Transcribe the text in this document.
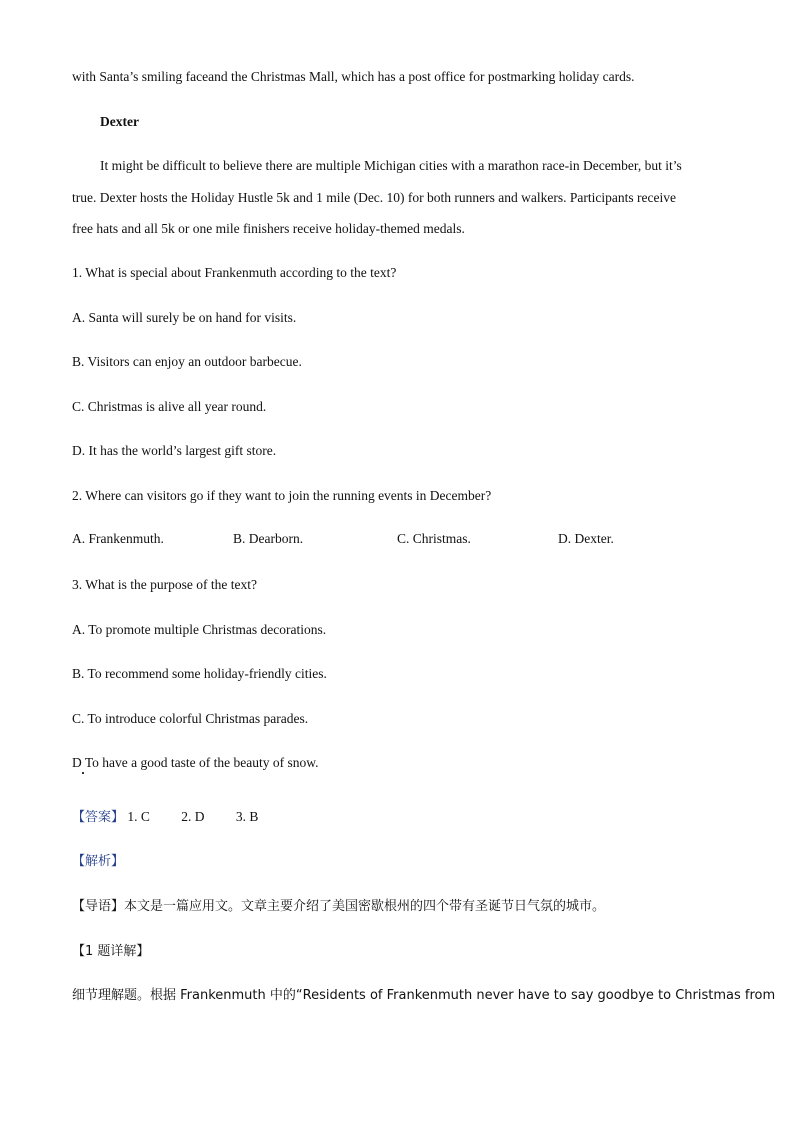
with Santa’s smiling faceand the Christmas Mall, which has a post office for postmarking holiday cards.
Dexter
It might be difficult to believe there are multiple Michigan cities with a marathon race-in December, but it’s
true. Dexter hosts the Holiday Hustle 5k and 1 mile (Dec. 10) for both runners and walkers. Participants receive
free hats and all 5k or one mile finishers receive holiday-themed medals.
1. What is special about Frankenmuth according to the text?
A. Santa will surely be on hand for visits.
B. Visitors can enjoy an outdoor barbecue.
C. Christmas is alive all year round.
D. It has the world’s largest gift store.
2. Where can visitors go if they want to join the running events in December?
A. Frankenmuth.	B. Dearborn.	C. Christmas.	D. Dexter.
3. What is the purpose of the text?
A. To promote multiple Christmas decorations.
B. To recommend some holiday-friendly cities.
C. To introduce colorful Christmas parades.
D To have a good taste of the beauty of snow.
【答案】 1. C 2. D 3. B
【解析】
【导语】本文是一篇应用文。文章主要介绍了美国密歇根州的四个带有圣诞节日气氛的城市。
【1 题详解】
细节理解题。根据 Frankenmuth 中的“Residents of Frankenmuth never have to say goodbye to Christmas from
